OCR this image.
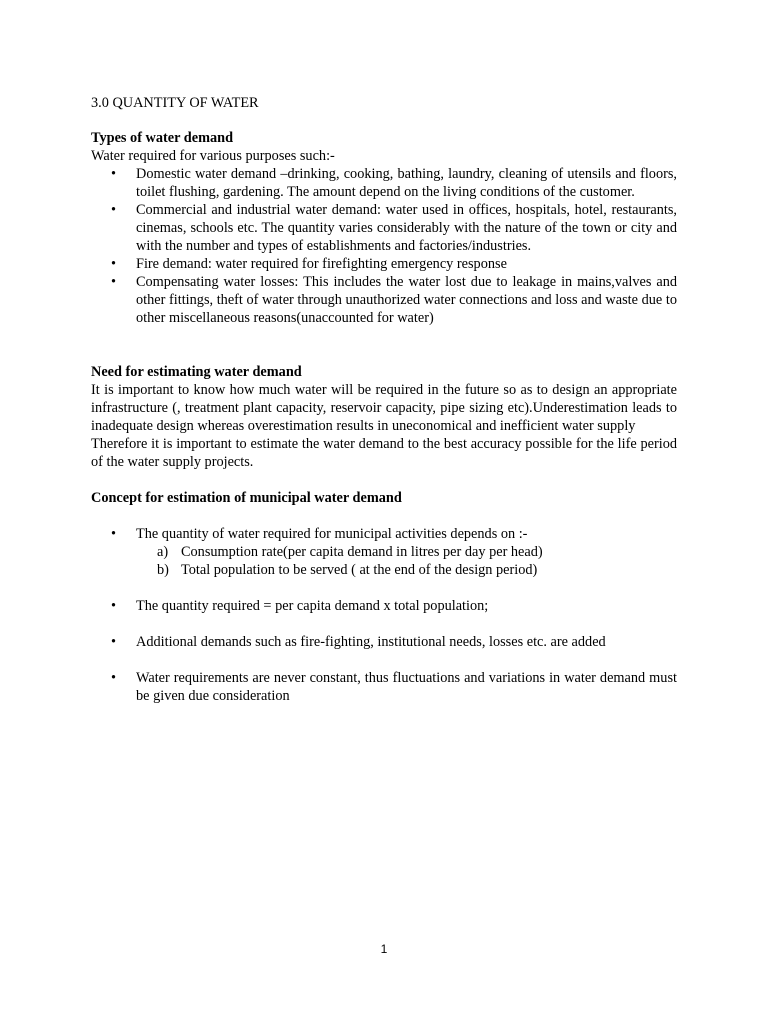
3.0 QUANTITY OF WATER

Types of water demand

Water required for various purposes such:-

• Domestic water demand –drinking, cooking, bathing, laundry, cleaning of utensils and floors, toilet flushing, gardening. The amount depend on the living conditions of the customer.
• Commercial and industrial water demand: water used in offices, hospitals, hotel, restaurants, cinemas, schools etc. The quantity varies considerably with the nature of the town or city and with the number and types of establishments and factories/industries.
• Fire demand: water required for firefighting emergency response
• Compensating water losses: This includes the water lost due to leakage in mains,valves and other fittings, theft of water through unauthorized water connections and loss and waste due to other miscellaneous reasons(unaccounted for water)

Need for estimating water demand

It is important to know how much water will be required in the future so as to design an appropriate infrastructure (, treatment plant capacity, reservoir capacity, pipe sizing etc).Underestimation leads to inadequate design whereas overestimation results in uneconomical and inefficient water supply

Therefore it is important to estimate the water demand to the best accuracy possible for the life period of the water supply projects.

Concept for estimation of municipal water demand

• The quantity of water required for municipal activities depends on :-
a) Consumption rate(per capita demand in litres per day per head)
b) Total population to be served ( at the end of the design period)
• The quantity required = per capita demand x total population;
• Additional demands such as fire-fighting, institutional needs, losses etc. are added
• Water requirements are never constant, thus fluctuations and variations in water demand must be given due consideration
1
